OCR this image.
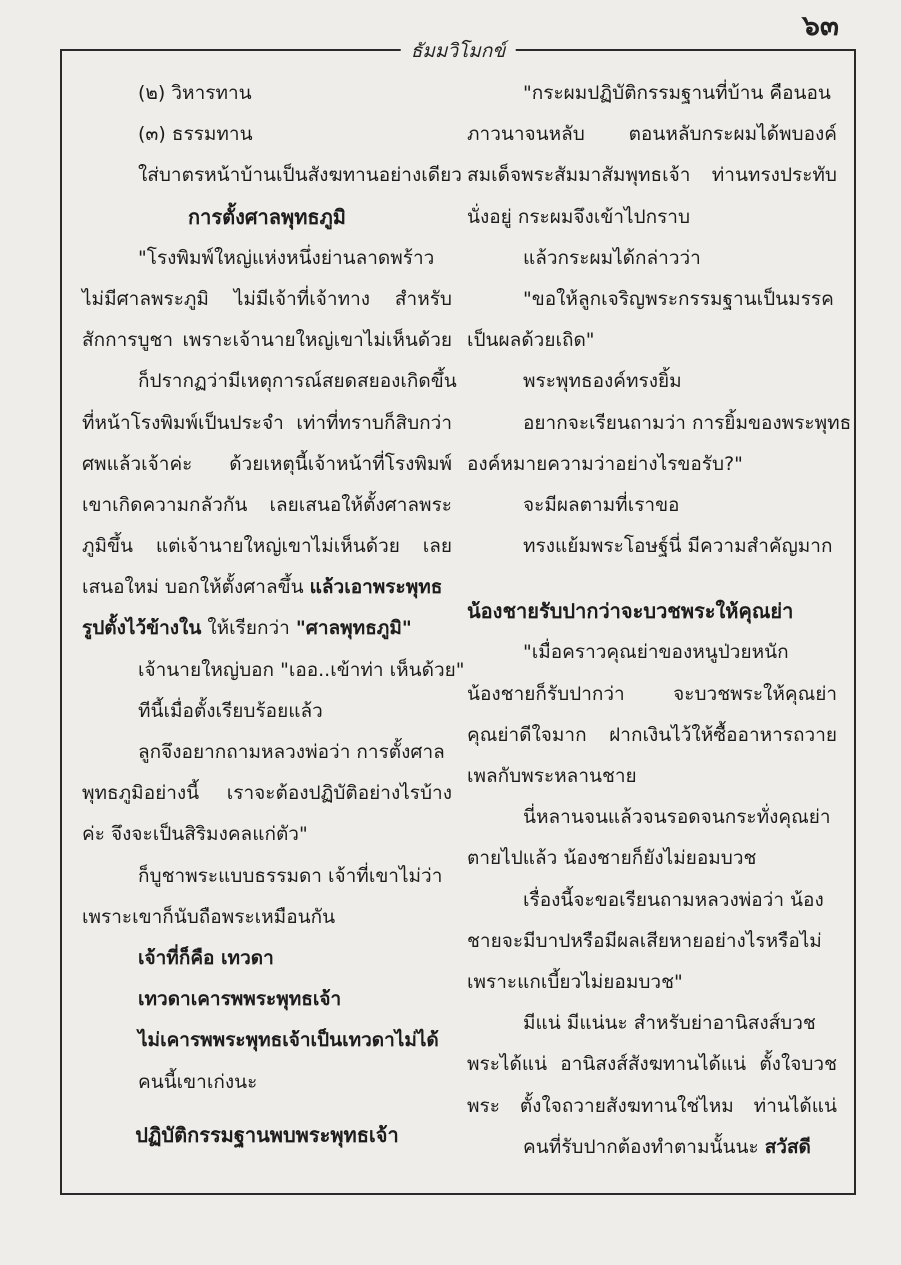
๖๓
ธัมมวิโมกข์
(๒) วิหารทาน
(๓) ธรรมทาน
ใส่บาตรหน้าบ้านเป็นสังฆทานอย่างเดียว
การตั้งศาลพุทธภูมิ
"โรงพิมพ์ใหญ่แห่งหนึ่งย่านลาดพร้าว
ไม่มีศาลพระภูมิ ไม่มีเจ้าที่เจ้าทาง สำหรับ
สักการบูชา เพราะเจ้านายใหญ่เขาไม่เห็นด้วย
ก็ปรากฏว่ามีเหตุการณ์สยดสยองเกิดขึ้น
ที่หน้าโรงพิมพ์เป็นประจำ เท่าที่ทราบก็สิบกว่า
ศพแล้วเจ้าค่ะ ด้วยเหตุนี้เจ้าหน้าที่โรงพิมพ์
เขาเกิดความกลัวกัน เลยเสนอให้ตั้งศาลพระ
ภูมิขึ้น แต่เจ้านายใหญ่เขาไม่เห็นด้วย เลย
เสนอใหม่ บอกให้ตั้งศาลขึ้น แล้วเอาพระพุทธ
รูปตั้งไว้ข้างใน ให้เรียกว่า "ศาลพุทธภูมิ"
เจ้านายใหญ่บอก "เออ..เข้าท่า เห็นด้วย"
ทีนี้เมื่อตั้งเรียบร้อยแล้ว
ลูกจึงอยากถามหลวงพ่อว่า การตั้งศาล
พุทธภูมิอย่างนี้ เราจะต้องปฏิบัติอย่างไรบ้าง
ค่ะ จึงจะเป็นสิริมงคลแก่ตัว"
ก็บูชาพระแบบธรรมดา เจ้าที่เขาไม่ว่า
เพราะเขาก็นับถือพระเหมือนกัน
เจ้าที่ก็คือ เทวดา
เทวดาเคารพพระพุทธเจ้า
ไม่เคารพพระพุทธเจ้าเป็นเทวดาไม่ได้
คนนี้เขาเก่งนะ
ปฏิบัติกรรมฐานพบพระพุทธเจ้า
"กระผมปฏิบัติกรรมฐานที่บ้าน คือนอน
ภาวนาจนหลับ ตอนหลับกระผมได้พบองค์
สมเด็จพระสัมมาสัมพุทธเจ้า ท่านทรงประทับ
นั่งอยู่ กระผมจึงเข้าไปกราบ
แล้วกระผมได้กล่าวว่า
"ขอให้ลูกเจริญพระกรรมฐานเป็นมรรค
เป็นผลด้วยเถิด"
พระพุทธองค์ทรงยิ้ม
อยากจะเรียนถามว่า การยิ้มของพระพุทธ
องค์หมายความว่าอย่างไรขอรับ?"
จะมีผลตามที่เราขอ
ทรงแย้มพระโอษฐ์นี่ มีความสำคัญมาก
น้องชายรับปากว่าจะบวชพระให้คุณย่า
"เมื่อคราวคุณย่าของหนูป่วยหนัก
น้องชายก็รับปากว่า จะบวชพระให้คุณย่า
คุณย่าดีใจมาก ฝากเงินไว้ให้ซื้ออาหารถวาย
เพลกับพระหลานชาย
นี่หลานจนแล้วจนรอดจนกระทั่งคุณย่า
ตายไปแล้ว น้องชายก็ยังไม่ยอมบวช
เรื่องนี้จะขอเรียนถามหลวงพ่อว่า น้อง
ชายจะมีบาปหรือมีผลเสียหายอย่างไรหรือไม่
เพราะแกเบี้ยวไม่ยอมบวช"
มีแน่ มีแน่นะ สำหรับย่าอานิสงส์บวช
พระได้แน่ อานิสงส์สังฆทานได้แน่ ตั้งใจบวช
พระ ตั้งใจถวายสังฆทานใช่ไหม ท่านได้แน่
คนที่รับปากต้องทำตามนั้นนะ สวัสดี
